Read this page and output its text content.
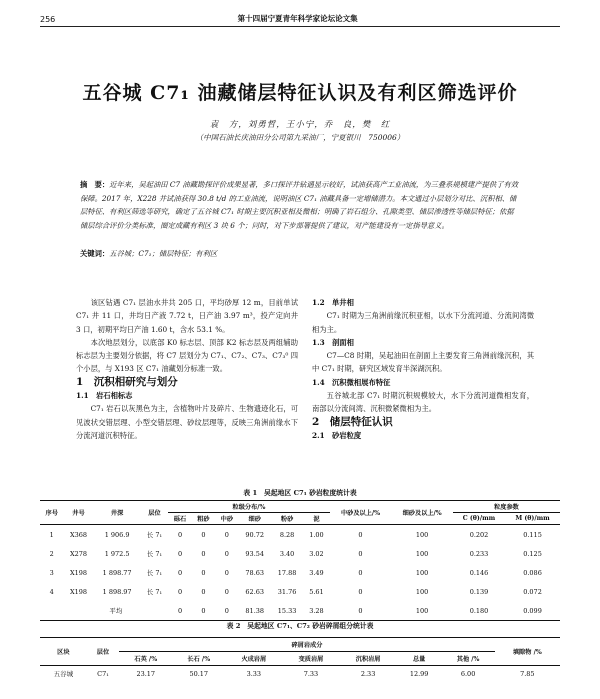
256	第十四届宁夏青年科学家论坛论文集
五谷城 C7₁ 油藏储层特征认识及有利区筛选评价
袁　方，刘勇哲，王小宁，乔　良，樊　红
（中国石油长庆油田分公司第九采油厂，宁夏银川　750006）
摘　要：近年来，吴起油田 C7 油藏勘探评价成果显著，多口探评井钻遇显示较好，试油获高产工业油流，为三叠系规模建产提供了有效保障。2017 年，X228 井试油获得 30.8 t/d 的工业油流，说明油区 C7₁ 油藏具备一定增储潜力。本文通过小层划分对比、沉积相、储层特征、有利区筛选等研究，确定了五谷城 C7₁ 时期主要沉积亚相及微相；明确了岩石组分、孔隙类型、储层渗透性等储层特征；依据储层综合评价分类标准，圈定成藏有利区 3 块 6 个；同时，对下步部署提供了建议，对产能建设有一定指导意义。
关键词：五谷城；C7₁；储层特征；有利区

该区钻遇 C7₁ 层油水井共 205 口，平均砂厚 12 m，目前单试 C7₁ 井 11 口，井均日产液 7.72 t，日产油 3.97 m³，投产定向井 3 口，初期平均日产油 1.60 t，含水 53.1 %。

本次地层划分，以底部 K0 标志层、顶部 K2 标志层及两组辅助标志层为主要划分依据，将 C7 层划分为 C7₁、C7₂、C7₃、C7₃⁰ 四个小层，与 X193 区 C7₁ 油藏划分标准一致。

1　沉积相研究与划分

1.1　岩石相标志

C7₁ 岩石以灰黑色为主，含植物叶片及碎片、生物遗迹化石，可见波状交错层理、小型交错层理、砂纹层理等，反映三角洲前缘水下分流河道沉积特征。

1.2　单井相

C7₁ 时期为三角洲前缘沉积亚相，以水下分流河道、分流间湾微相为主。

1.3　剖面相

C7—C8 时期，吴起油田在剖面上主要发育三角洲前缘沉积，其中 C7₁ 时期，研究区域发育半深湖沉积。

1.4　沉积微相展布特征

五谷城北部 C7₁ 时期沉积规模较大，水下分流河道微相发育，南部以分流间湾、沉积微紧微相为主。

2　储层特征认识

2.1　砂岩粒度

表 1　吴起地区 C7₁ 砂岩粒度统计表
序号	井号	井深	层位	粒级分布/%						中砂及以上/%	细砂及以上/%	粒度参数	
				砾石	粗砂	中砂	细砂	粉砂	泥			C (θ)/mm	M (θ)/mm
1	X368	1 906.9	长 7₁	0	0	0	90.72	8.28	1.00	0	100	0.202	0.115
2	X278	1 972.5	长 7₁	0	0	0	93.54	3.40	3.02	0	100	0.233	0.125
3	X198	1 898.77	长 7₁	0	0	0	78.63	17.88	3.49	0	100	0.146	0.086
4	X198	1 898.97	长 7₁	0	0	0	62.63	31.76	5.61	0	100	0.139	0.072
	平均			0	0	0	81.38	15.33	3.28	0	100	0.180	0.099
表 2　吴起地区 C7₁、C7₂ 砂岩碎屑组分统计表
区块	层位	碎屑岩成分							填隙物 /%
		石英 /%	长石 /%	火成岩屑	变质岩屑	沉积岩屑	总量	其他 /%	
五谷城	C7₁	23.17	50.17	3.33	7.33	2.33	12.99	6.00	7.85
